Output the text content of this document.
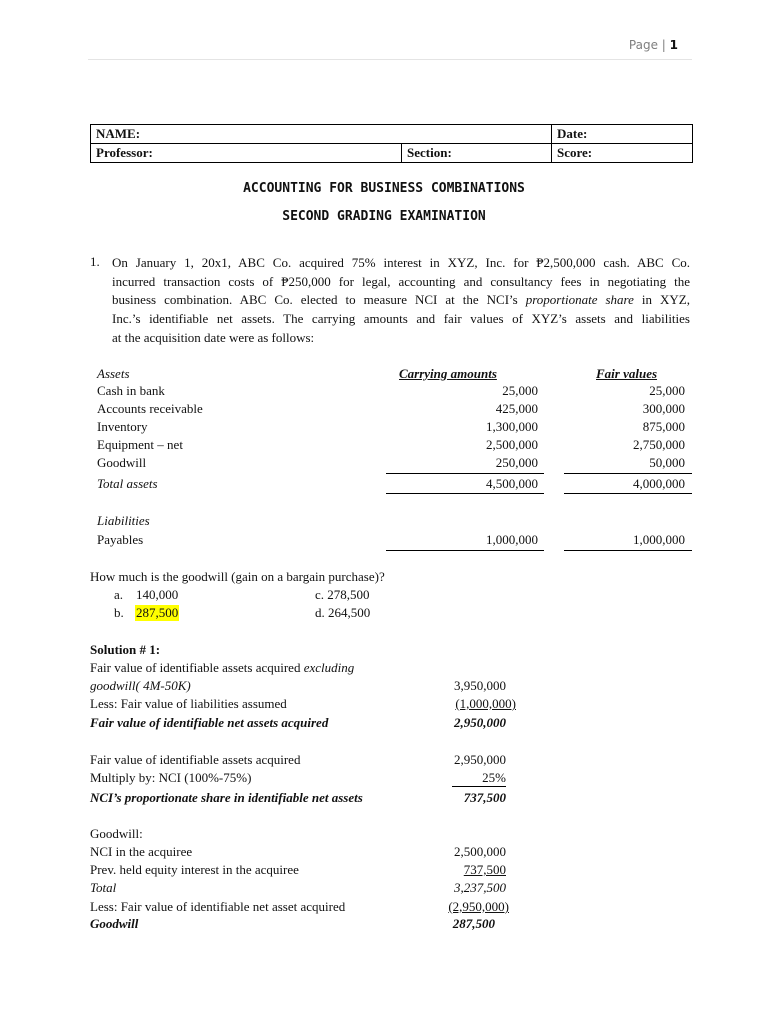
Page | 1
NAME:		Date:
Professor:	Section:	Score:
ACCOUNTING FOR BUSINESS COMBINATIONS
SECOND GRADING EXAMINATION
1. On January 1, 20x1, ABC Co. acquired 75% interest in XYZ, Inc. for ₱2,500,000 cash. ABC Co.
incurred transaction costs of ₱250,000 for legal, accounting and consultancy fees in negotiating the
business combination. ABC Co. elected to measure NCI at the NCI’s proportionate share in XYZ,
Inc.’s identifiable net assets. The carrying amounts and fair values of XYZ’s assets and liabilities
at the acquisition date were as follows:
Assets	Carrying amounts	Fair values
Cash in bank	25,000	25,000
Accounts receivable	425,000	300,000
Inventory	1,300,000	875,000
Equipment – net	2,500,000	2,750,000
Goodwill	250,000	50,000
Total assets	4,500,000	4,000,000
Liabilities
Payables	1,000,000	1,000,000
How much is the goodwill (gain on a bargain purchase)?
a. 140,000	c. 278,500
b. 287,500	d. 264,500
Solution # 1:
Fair value of identifiable assets acquired excluding
goodwill( 4M-50K)	3,950,000
Less: Fair value of liabilities assumed	(1,000,000)
Fair value of identifiable net assets acquired	2,950,000
Fair value of identifiable assets acquired	2,950,000
Multiply by: NCI (100%-75%)	25%
NCI’s proportionate share in identifiable net assets	737,500
Goodwill:
NCI in the acquiree	2,500,000
Prev. held equity interest in the acquiree	737,500
Total	3,237,500
Less: Fair value of identifiable net asset acquired	(2,950,000)
Goodwill	287,500
